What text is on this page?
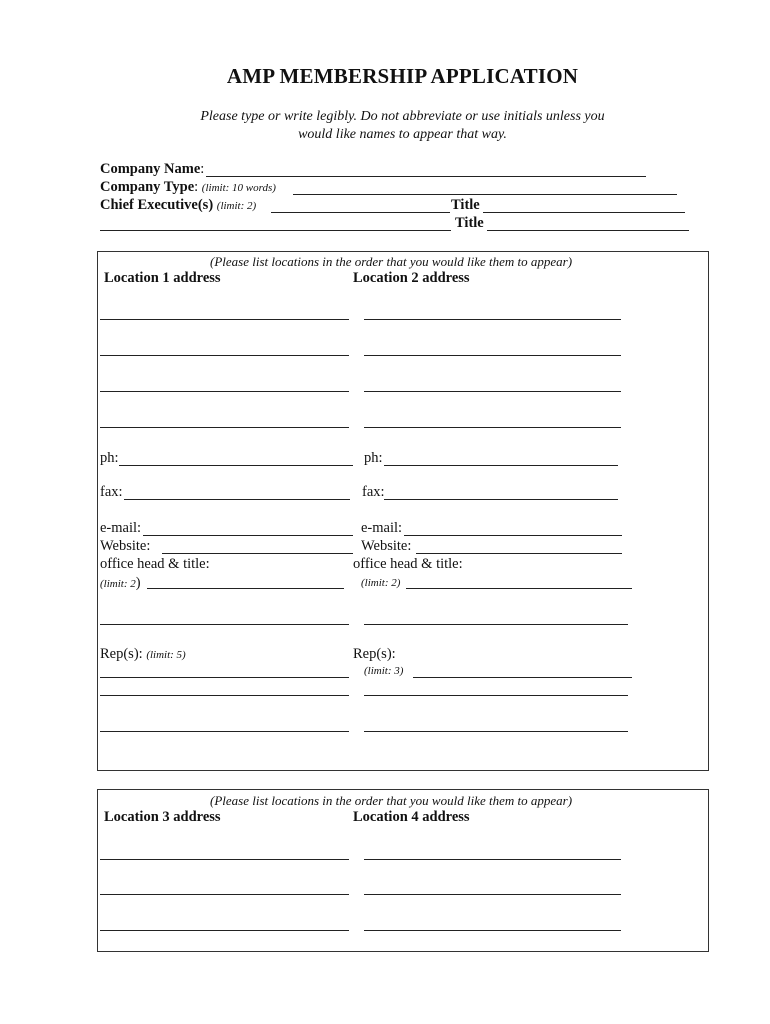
AMP MEMBERSHIP APPLICATION
Please type or write legibly. Do not abbreviate or use initials unless you
would like names to appear that way.
Company Name:
Company Type: (limit: 10 words)
Chief Executive(s) (limit: 2)	Title
Title
(Please list locations in the order that you would like them to appear)
Location 1 address	Location 2 address
ph:	ph:
fax:	fax:
e-mail:	e-mail:
Website:	Website:
office head & title:	office head & title:
(limit: 2)	(limit: 2)
Rep(s): (limit: 5)	Rep(s):
(limit: 3)
(Please list locations in the order that you would like them to appear)
Location 3 address	Location 4 address
